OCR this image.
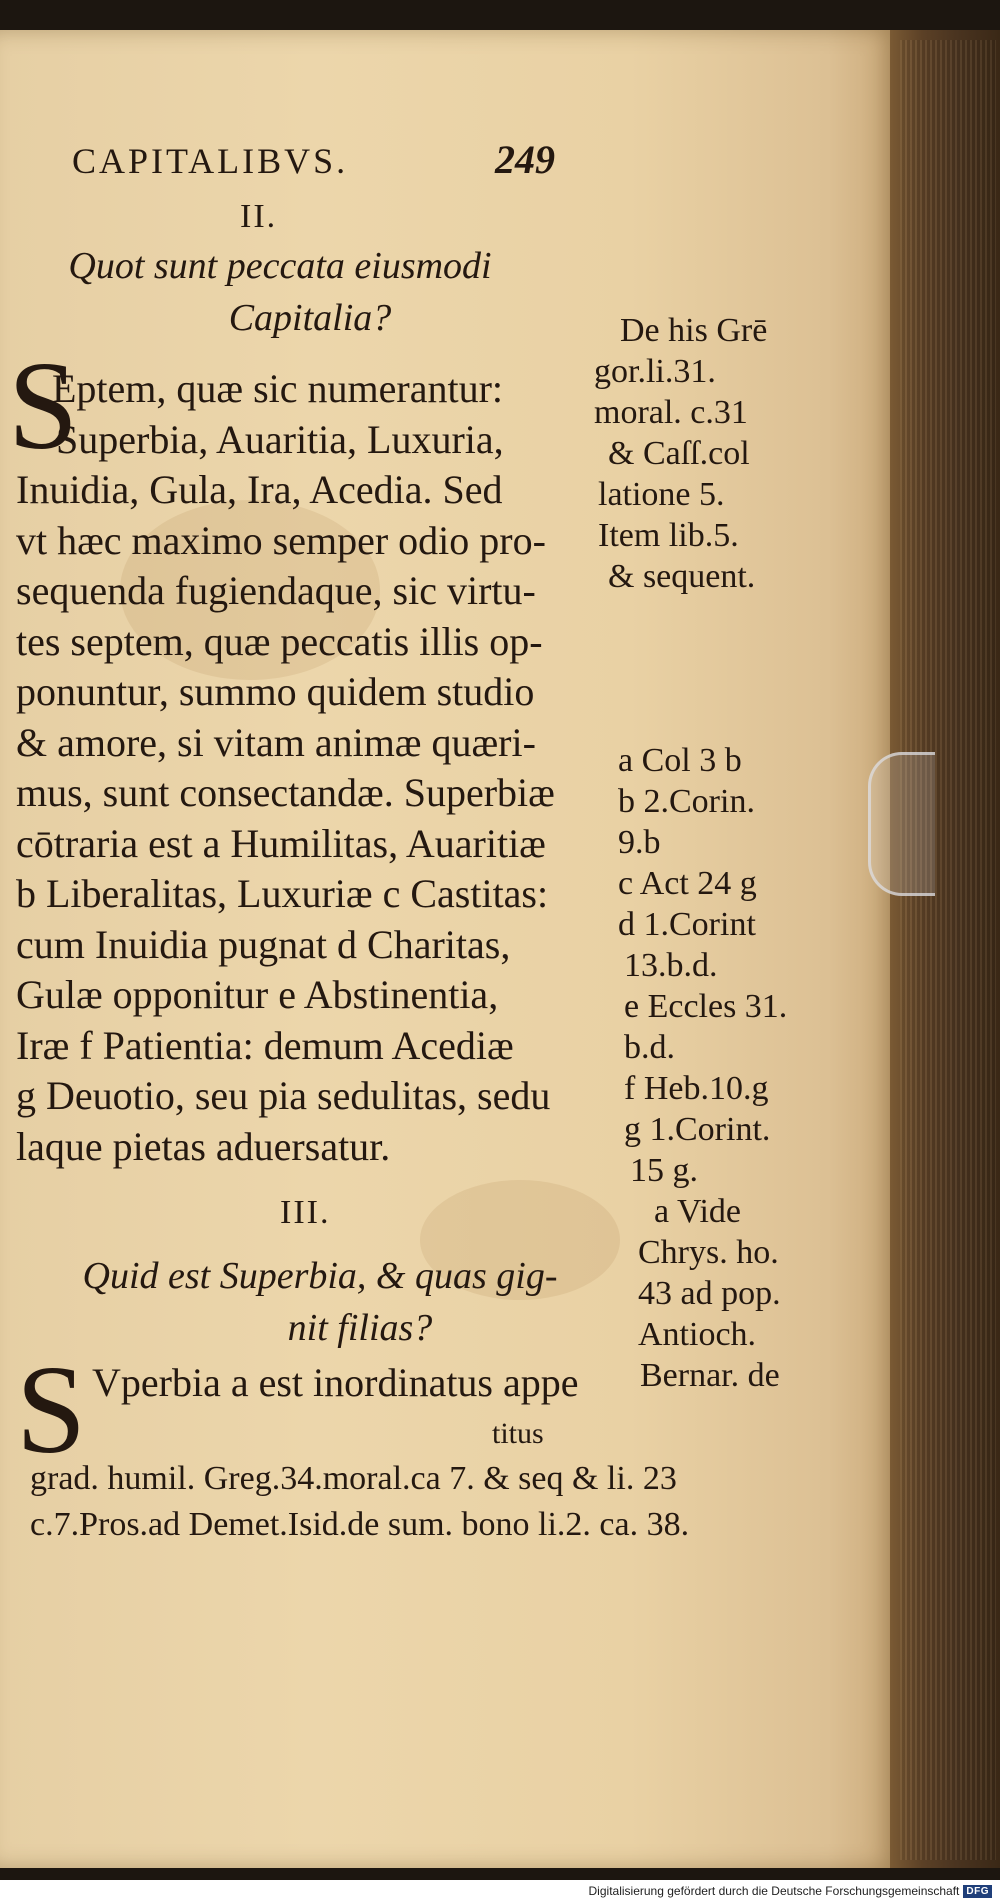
CAPITALIBVS.	249
II.
Quot sunt peccata eiusmodi
Capitalia?
S
Eptem, quæ sic numerantur:
Superbia, Auaritia, Luxuria,
Inuidia, Gula, Ira, Acedia. Sed
vt hæc maximo semper odio pro-
sequenda fugiendaque, sic virtu-
tes septem, quæ peccatis illis op-
ponuntur, summo quidem studio
& amore, si vitam animæ quæri-
mus, sunt consectandæ. Superbiæ
cōtraria est a Humilitas, Auaritiæ
b Liberalitas, Luxuriæ c Castitas:
cum Inuidia pugnat d Charitas,
Gulæ opponitur e Abstinentia,
Iræ f Patientia: demum Acediæ
g Deuotio, seu pia sedulitas, sedu
laque pietas aduersatur.
De his Grē
gor.li.31.
moral. c.31
& Caſſ.col
latione 5.
Item lib.5.
& sequent.
a Col 3 b
b 2.Corin.
9.b
c Act 24 g
d 1.Corint
13.b.d.
e Eccles 31.
b.d.
f Heb.10.g
g 1.Corint.
15 g.
a Vide
Chrys. ho.
43 ad pop.
Antioch.
Bernar. de
III.
Quid est Superbia, & quas gig-
nit filias?
S Vperbia a est inordinatus appe
titus
grad. humil. Greg.34.moral.ca 7. & seq & li. 23
c.7.Pros.ad Demet.Isid.de sum. bono li.2. ca. 38.
Digitalisierung gefördert durch die Deutsche Forschungsgemeinschaft DFG
